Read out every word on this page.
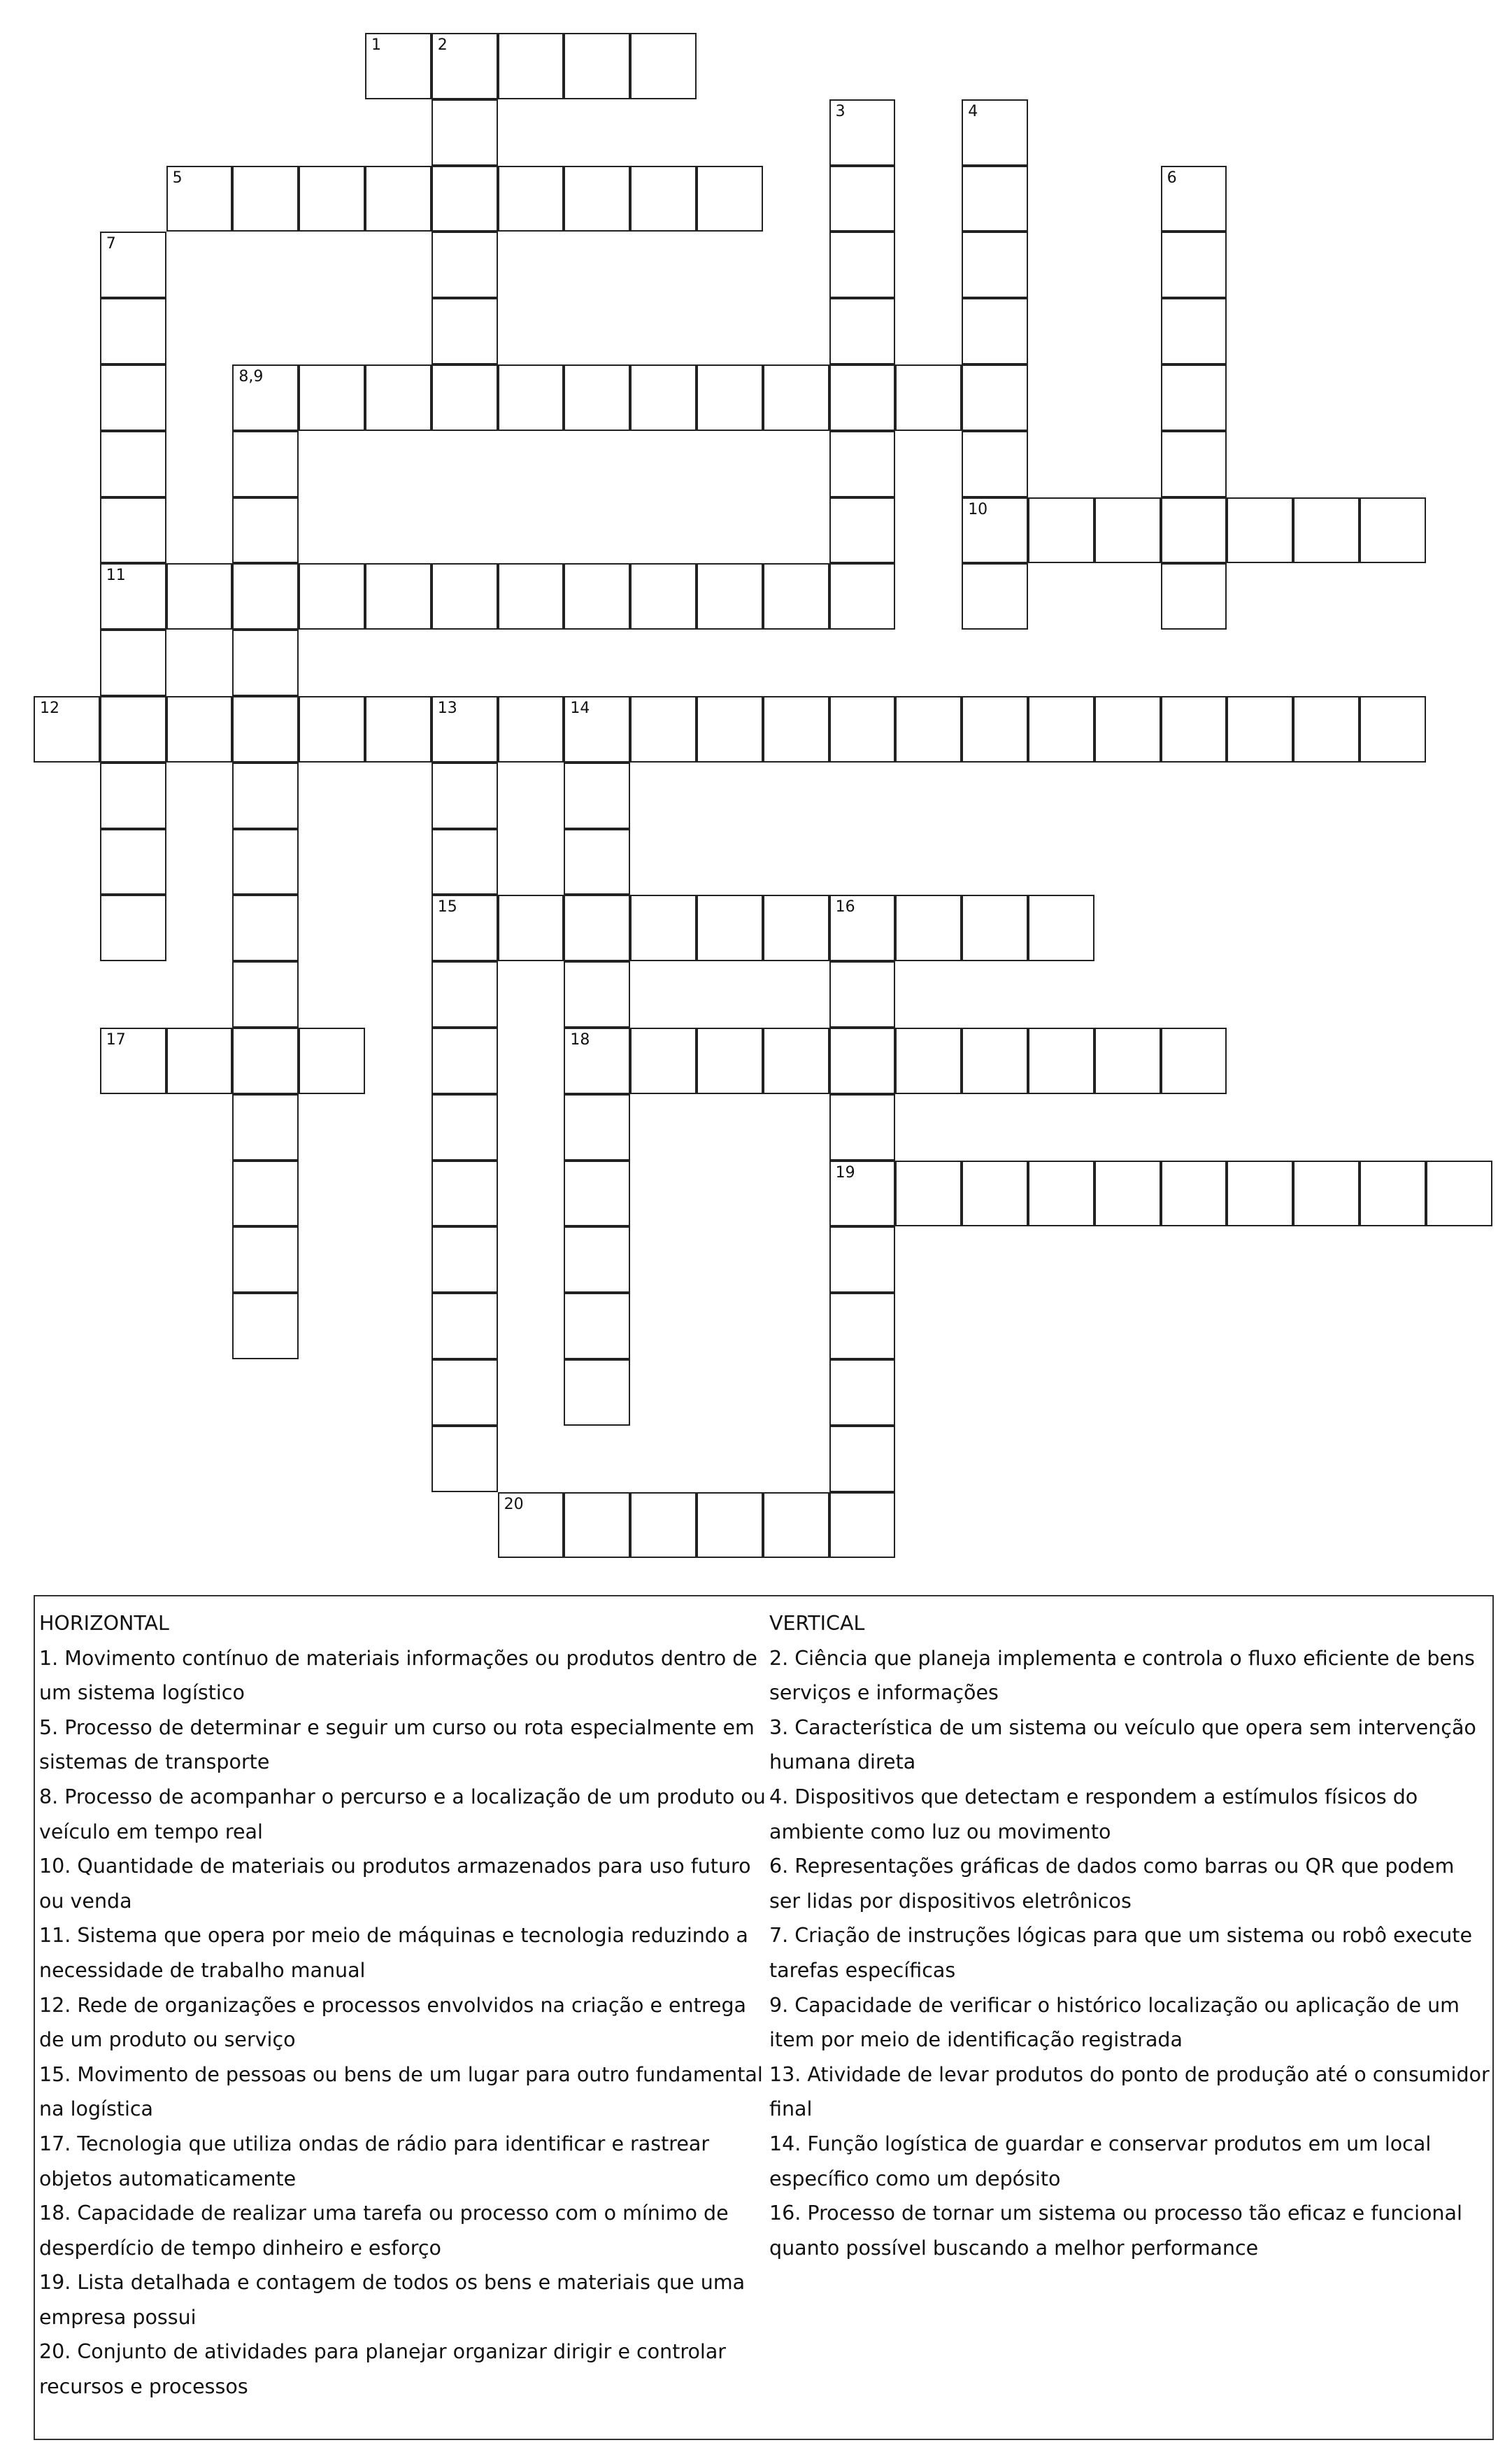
1	2
5
8,9
10
11
12	13	14
15	16
17	18
19
20
3	4
6
7
HORIZONTAL
1. Movimento contínuo de materiais informações ou produtos dentro de um sistema logístico
5. Processo de determinar e seguir um curso ou rota especialmente em sistemas de transporte
8. Processo de acompanhar o percurso e a localização de um produto ou veículo em tempo real
10. Quantidade de materiais ou produtos armazenados para uso futuro ou venda
11. Sistema que opera por meio de máquinas e tecnologia reduzindo a necessidade de trabalho manual
12. Rede de organizações e processos envolvidos na criação e entrega de um produto ou serviço
15. Movimento de pessoas ou bens de um lugar para outro fundamental na logística
17. Tecnologia que utiliza ondas de rádio para identificar e rastrear objetos automaticamente
18. Capacidade de realizar uma tarefa ou processo com o mínimo de desperdício de tempo dinheiro e esforço
19. Lista detalhada e contagem de todos os bens e materiais que uma empresa possui
20. Conjunto de atividades para planejar organizar dirigir e controlar recursos e processos
VERTICAL
2. Ciência que planeja implementa e controla o fluxo eficiente de bens serviços e informações
3. Característica de um sistema ou veículo que opera sem intervenção humana direta
4. Dispositivos que detectam e respondem a estímulos físicos do ambiente como luz ou movimento
6. Representações gráficas de dados como barras ou QR que podem ser lidas por dispositivos eletrônicos
7. Criação de instruções lógicas para que um sistema ou robô execute tarefas específicas
9. Capacidade de verificar o histórico localização ou aplicação de um item por meio de identificação registrada
13. Atividade de levar produtos do ponto de produção até o consumidor final
14. Função logística de guardar e conservar produtos em um local específico como um depósito
16. Processo de tornar um sistema ou processo tão eficaz e funcional quanto possível buscando a melhor performance
